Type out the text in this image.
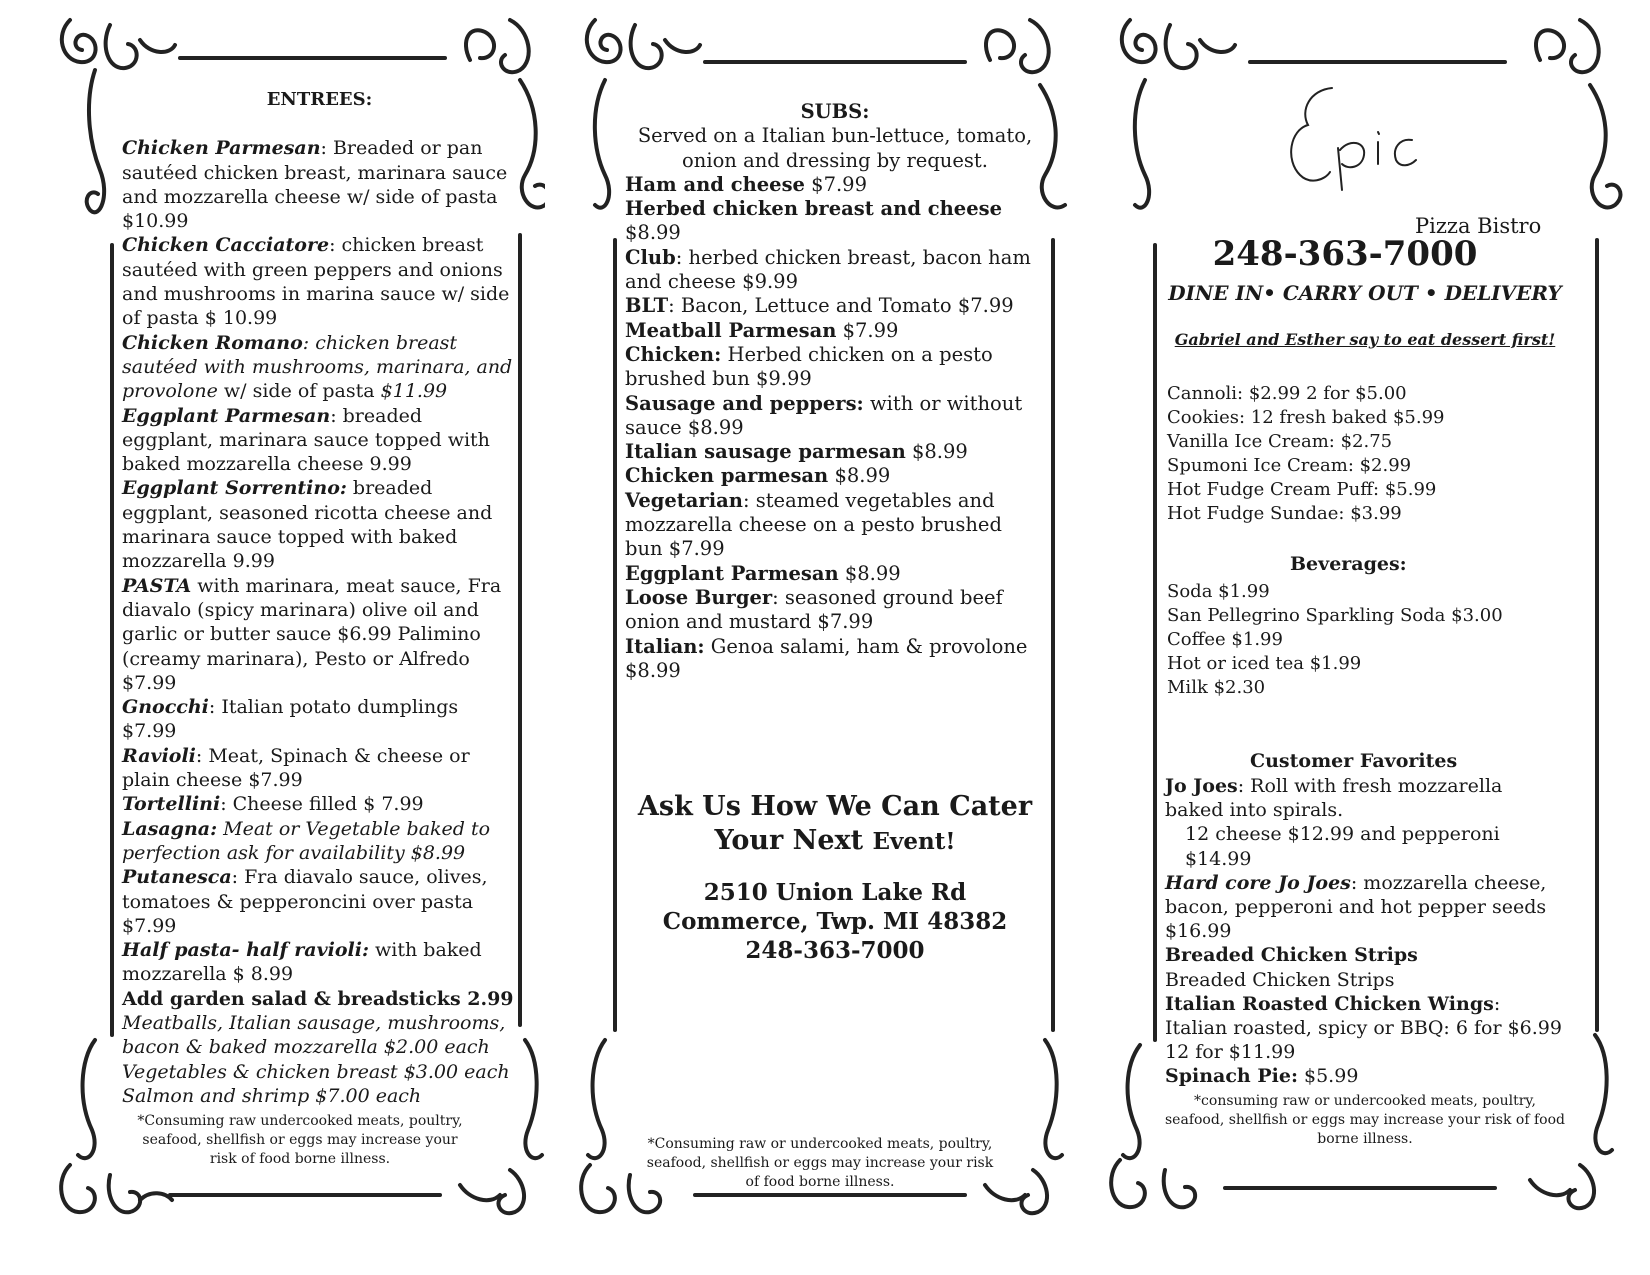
ENTREES:
Chicken Parmesan: Breaded or pan sautéed chicken breast, marinara sauce and mozzarella cheese w/ side of pasta
$10.99
Chicken Cacciatore: chicken breast sautéed with green peppers and onions and mushrooms in marina sauce w/ side of pasta $ 10.99
Chicken Romano: chicken breast sautéed with mushrooms, marinara, and provolone w/ side of pasta $11.99
Eggplant Parmesan: breaded eggplant, marinara sauce topped with baked mozzarella cheese 9.99
Eggplant Sorrentino: breaded eggplant, seasoned ricotta cheese and marinara sauce topped with baked mozzarella 9.99
PASTA with marinara, meat sauce, Fra diavalo (spicy marinara) olive oil and garlic or butter sauce $6.99 Palimino (creamy marinara), Pesto or Alfredo $7.99
Gnocchi: Italian potato dumplings $7.99
Ravioli: Meat, Spinach & cheese or plain cheese $7.99
Tortellini: Cheese filled $ 7.99
Lasagna: Meat or Vegetable baked to perfection ask for availability $8.99
Putanesca: Fra diavalo sauce, olives, tomatoes & pepperoncini over pasta $7.99
Half pasta- half ravioli: with baked mozzarella $ 8.99
Add garden salad & breadsticks 2.99
Meatballs, Italian sausage, mushrooms, bacon & baked mozzarella $2.00 each
Vegetables & chicken breast $3.00 each
Salmon and shrimp $7.00 each
*Consuming raw undercooked meats, poultry, seafood, shellfish or eggs may increase your risk of food borne illness.
SUBS:
Served on a Italian bun-lettuce, tomato, onion and dressing by request.
Ham and cheese $7.99
Herbed chicken breast and cheese
$8.99
Club: herbed chicken breast, bacon ham and cheese $9.99
BLT: Bacon, Lettuce and Tomato $7.99
Meatball Parmesan $7.99
Chicken: Herbed chicken on a pesto brushed bun $9.99
Sausage and peppers: with or without sauce $8.99
Italian sausage parmesan $8.99
Chicken parmesan $8.99
Vegetarian: steamed vegetables and mozzarella cheese on a pesto brushed bun $7.99
Eggplant Parmesan $8.99
Loose Burger: seasoned ground beef onion and mustard $7.99
Italian: Genoa salami, ham & provolone $8.99
Ask Us How We Can Cater
Your Next Event!
2510 Union Lake Rd
Commerce, Twp. MI 48382
248-363-7000
*Consuming raw or undercooked meats, poultry, seafood, shellfish or eggs may increase your risk of food borne illness.
Pizza Bistro
248-363-7000
DINE IN• CARRY OUT • DELIVERY
Gabriel and Esther say to eat dessert first!
Cannoli: $2.99 2 for $5.00
Cookies: 12 fresh baked $5.99
Vanilla Ice Cream: $2.75
Spumoni Ice Cream: $2.99
Hot Fudge Cream Puff: $5.99
Hot Fudge Sundae: $3.99
Beverages:
Soda $1.99
San Pellegrino Sparkling Soda $3.00
Coffee $1.99
Hot or iced tea $1.99
Milk $2.30
Customer Favorites
Jo Joes: Roll with fresh mozzarella baked into spirals.
12 cheese $12.99 and pepperoni $14.99
Hard core Jo Joes: mozzarella cheese, bacon, pepperoni and hot pepper seeds $16.99
Breaded Chicken Strips
Breaded Chicken Strips
Italian Roasted Chicken Wings: Italian roasted, spicy or BBQ: 6 for $6.99 12 for $11.99
Spinach Pie: $5.99
*consuming raw or undercooked meats, poultry, seafood, shellfish or eggs may increase your risk of food borne illness.
